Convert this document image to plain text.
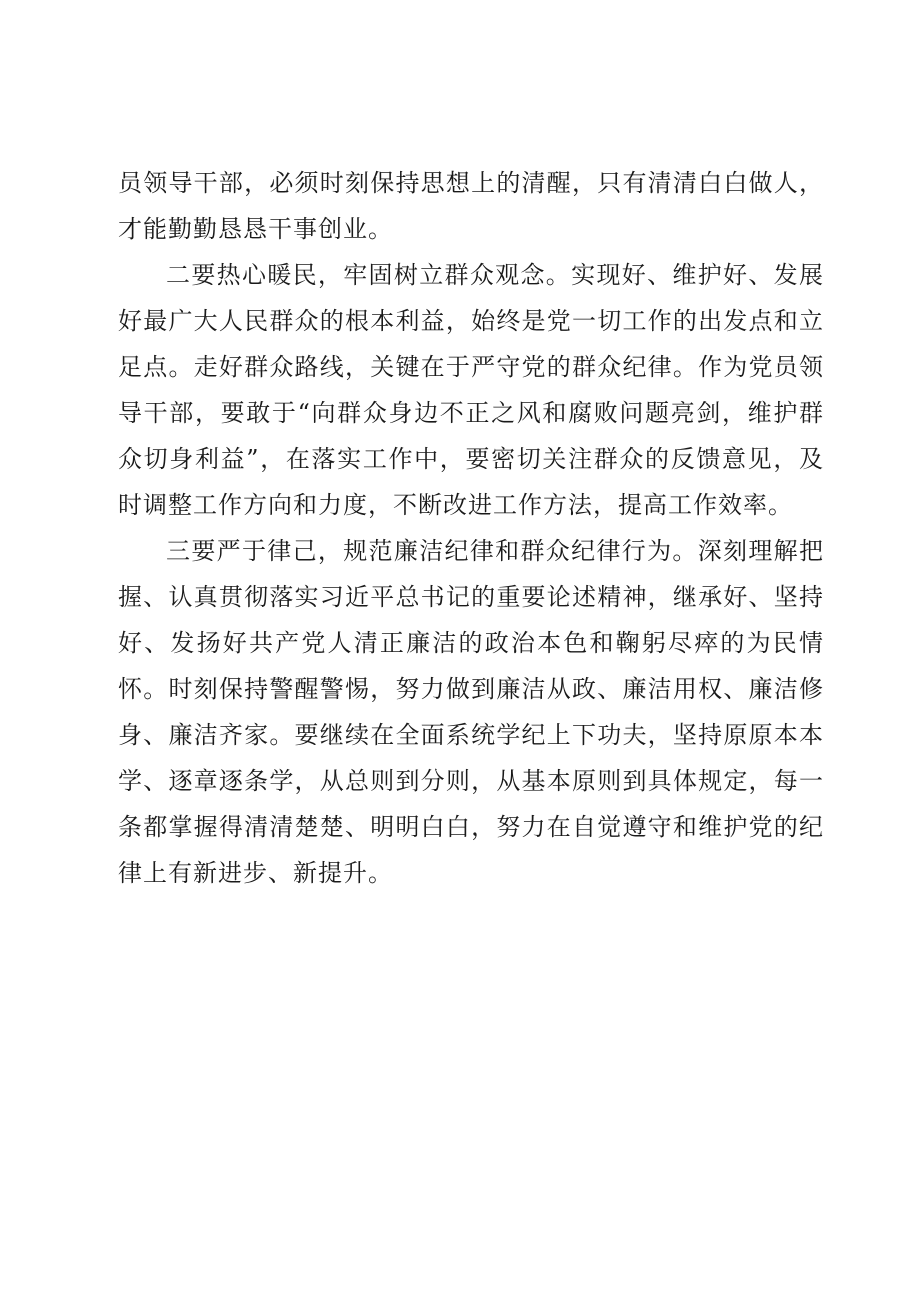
员领导干部，必须时刻保持思想上的清醒，只有清清白白做人，才能勤勤恳恳干事创业。

二要热心暖民，牢固树立群众观念。实现好、维护好、发展好最广大人民群众的根本利益，始终是党一切工作的出发点和立足点。走好群众路线，关键在于严守党的群众纪律。作为党员领导干部，要敢于“向群众身边不正之风和腐败问题亮剑，维护群众切身利益”，在落实工作中，要密切关注群众的反馈意见，及时调整工作方向和力度，不断改进工作方法，提高工作效率。

三要严于律己，规范廉洁纪律和群众纪律行为。深刻理解把握、认真贯彻落实习近平总书记的重要论述精神，继承好、坚持好、发扬好共产党人清正廉洁的政治本色和鞠躬尽瘁的为民情怀。时刻保持警醒警惕，努力做到廉洁从政、廉洁用权、廉洁修身、廉洁齐家。要继续在全面系统学纪上下功夫，坚持原原本本学、逐章逐条学，从总则到分则，从基本原则到具体规定，每一条都掌握得清清楚楚、明明白白，努力在自觉遵守和维护党的纪律上有新进步、新提升。
